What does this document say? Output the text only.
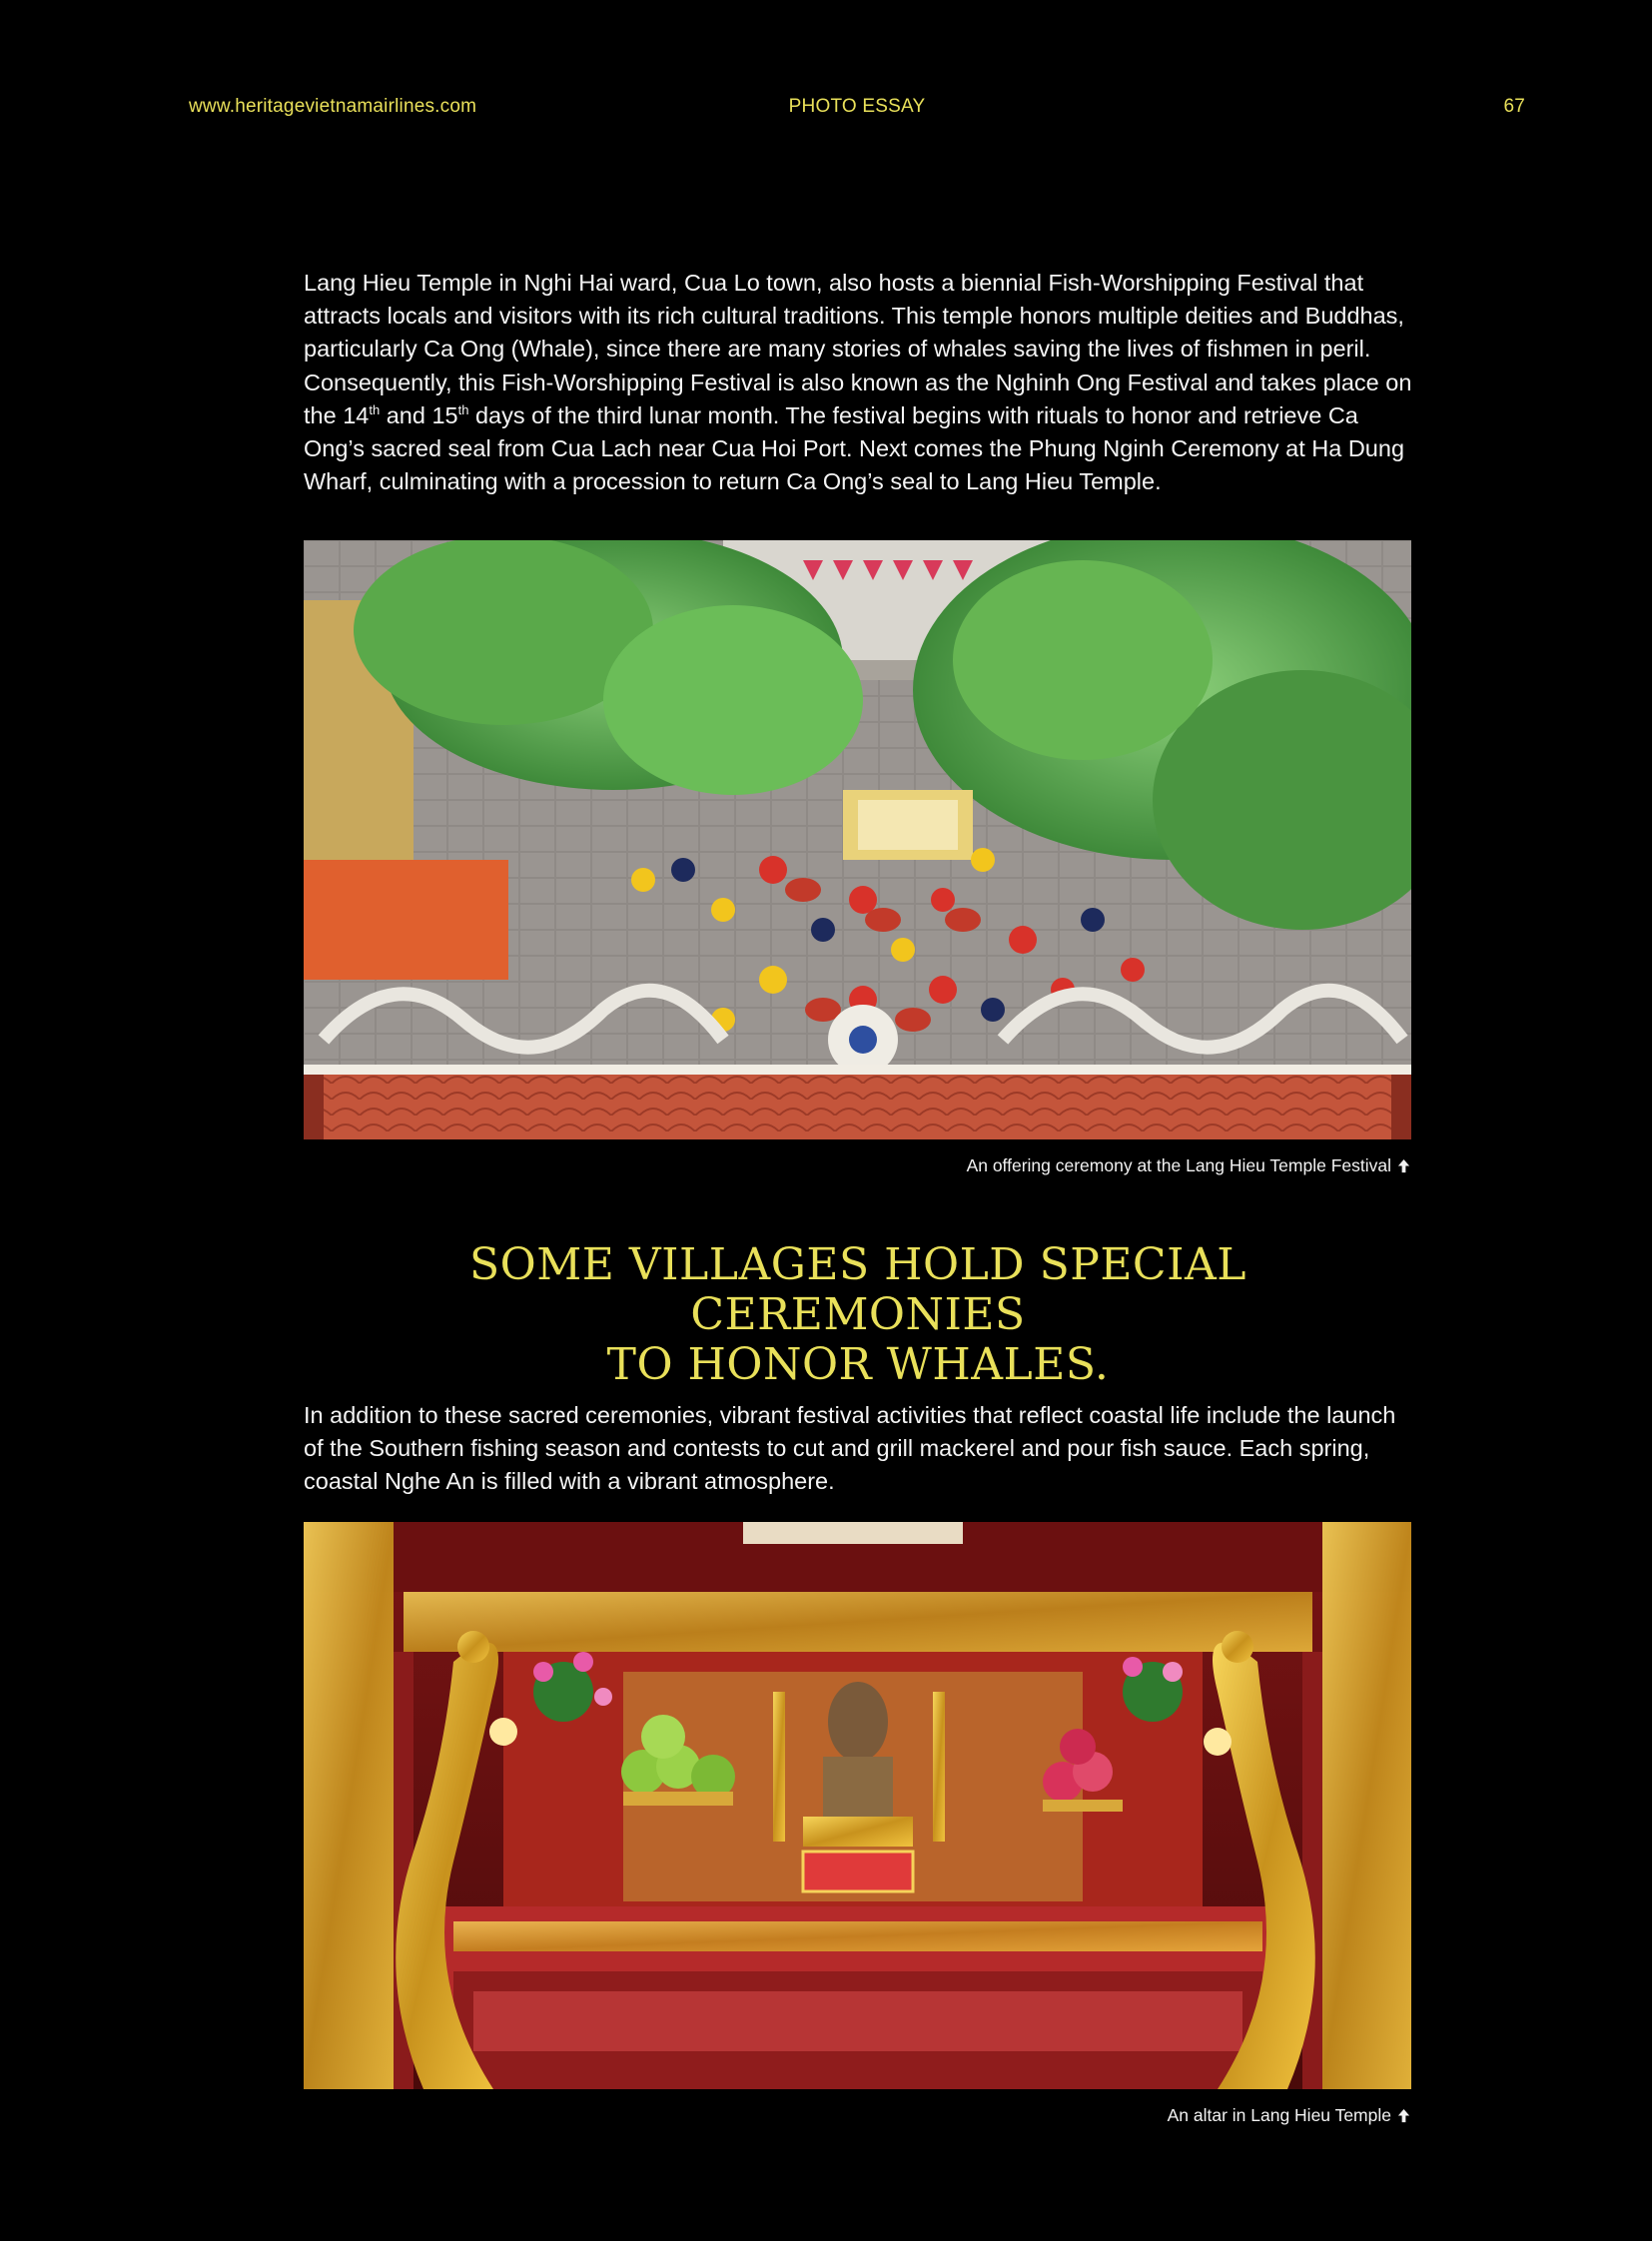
www.heritagevietnamairlines.com	PHOTO ESSAY	67
Lang Hieu Temple in Nghi Hai ward, Cua Lo town, also hosts a biennial Fish-Worshipping Festival that attracts locals and visitors with its rich cultural traditions. This temple honors multiple deities and Buddhas, particularly Ca Ong (Whale), since there are many stories of whales saving the lives of fishmen in peril. Consequently, this Fish-Worshipping Festival is also known as the Nghinh Ong Festival and takes place on the 14th and 15th days of the third lunar month. The festival begins with rituals to honor and retrieve Ca Ong’s sacred seal from Cua Lach near Cua Hoi Port. Next comes the Phung Nginh Ceremony at Ha Dung Wharf, culminating with a procession to return Ca Ong’s seal to Lang Hieu Temple.
An offering ceremony at the Lang Hieu Temple Festival
SOME VILLAGES HOLD SPECIAL CEREMONIES
TO HONOR WHALES.
In addition to these sacred ceremonies, vibrant festival activities that reflect coastal life include the launch of the Southern fishing season and contests to cut and grill mackerel and pour fish sauce. Each spring, coastal Nghe An is filled with a vibrant atmosphere.
An altar in Lang Hieu Temple
